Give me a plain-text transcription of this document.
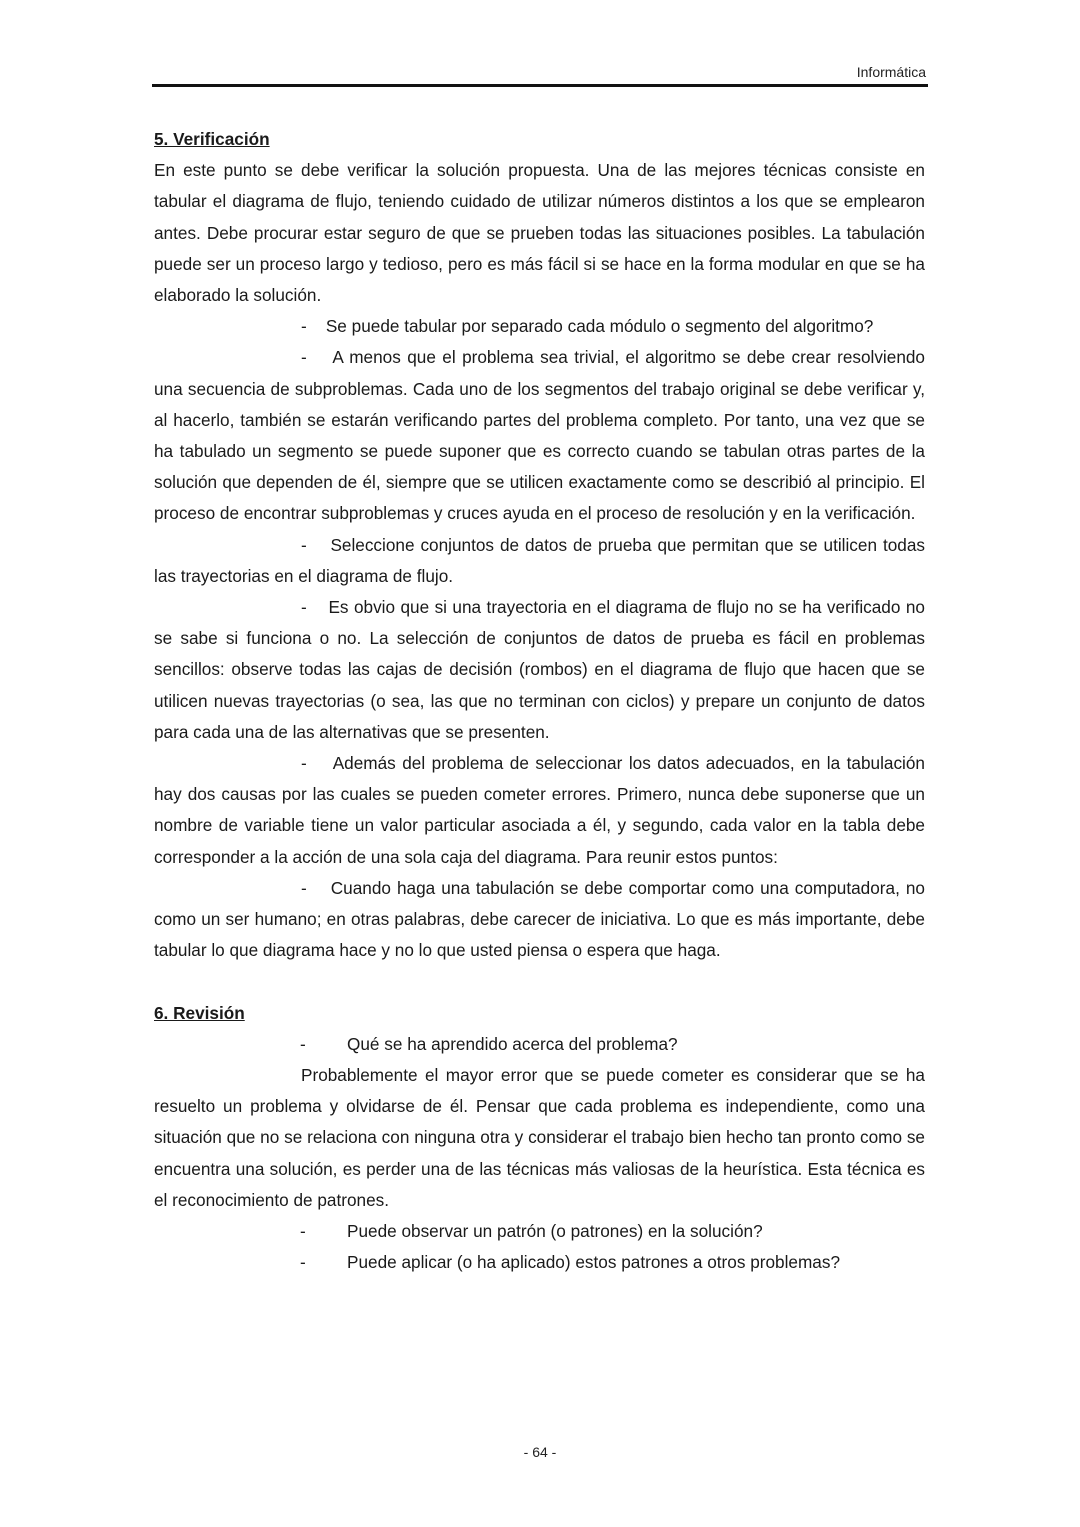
Informática

5. Verificación

En este punto se debe verificar la solución propuesta. Una de las mejores técnicas consiste en tabular el diagrama de flujo, teniendo cuidado de utilizar números distintos a los que se emplearon antes. Debe procurar estar seguro de que se prueben todas las situaciones posibles. La tabulación puede ser un proceso largo y tedioso, pero es más fácil si se hace en la forma modular en que se ha elaborado la solución.

- Se puede tabular por separado cada módulo o segmento del algoritmo?

- A menos que el problema sea trivial, el algoritmo se debe crear resolviendo una secuencia de subproblemas. Cada uno de los segmentos del trabajo original se debe verificar y, al hacerlo, también se estarán verificando partes del problema completo. Por tanto, una vez que se ha tabulado un segmento se puede suponer que es correcto cuando se tabulan otras partes de la solución que dependen de él, siempre que se utilicen exactamente como se describió al principio. El proceso de encontrar subproblemas y cruces ayuda en el proceso de resolución y en la verificación.

- Seleccione conjuntos de datos de prueba que permitan que se utilicen todas las trayectorias en el diagrama de flujo.

- Es obvio que si una trayectoria en el diagrama de flujo no se ha verificado no se sabe si funciona o no. La selección de conjuntos de datos de prueba es fácil en problemas sencillos: observe todas las cajas de decisión (rombos) en el diagrama de flujo que hacen que se utilicen nuevas trayectorias (o sea, las que no terminan con ciclos) y prepare un conjunto de datos para cada una de las alternativas que se presenten.

- Además del problema de seleccionar los datos adecuados, en la tabulación hay dos causas por las cuales se pueden cometer errores. Primero, nunca debe suponerse que un nombre de variable tiene un valor particular asociada a él, y segundo, cada valor en la tabla debe corresponder a la acción de una sola caja del diagrama. Para reunir estos puntos:

- Cuando haga una tabulación se debe comportar como una computadora, no como un ser humano; en otras palabras, debe carecer de iniciativa. Lo que es más importante, debe tabular lo que diagrama hace y no lo que usted piensa o espera que haga.

6. Revisión

- Qué se ha aprendido acerca del problema?

Probablemente el mayor error que se puede cometer es considerar que se ha resuelto un problema y olvidarse de él. Pensar que cada problema es independiente, como una situación que no se relaciona con ninguna otra y considerar el trabajo bien hecho tan pronto como se encuentra una solución, es perder una de las técnicas más valiosas de la heurística. Esta técnica es el reconocimiento de patrones.

- Puede observar un patrón (o patrones) en la solución?

- Puede aplicar (o ha aplicado) estos patrones a otros problemas?

- 64 -
